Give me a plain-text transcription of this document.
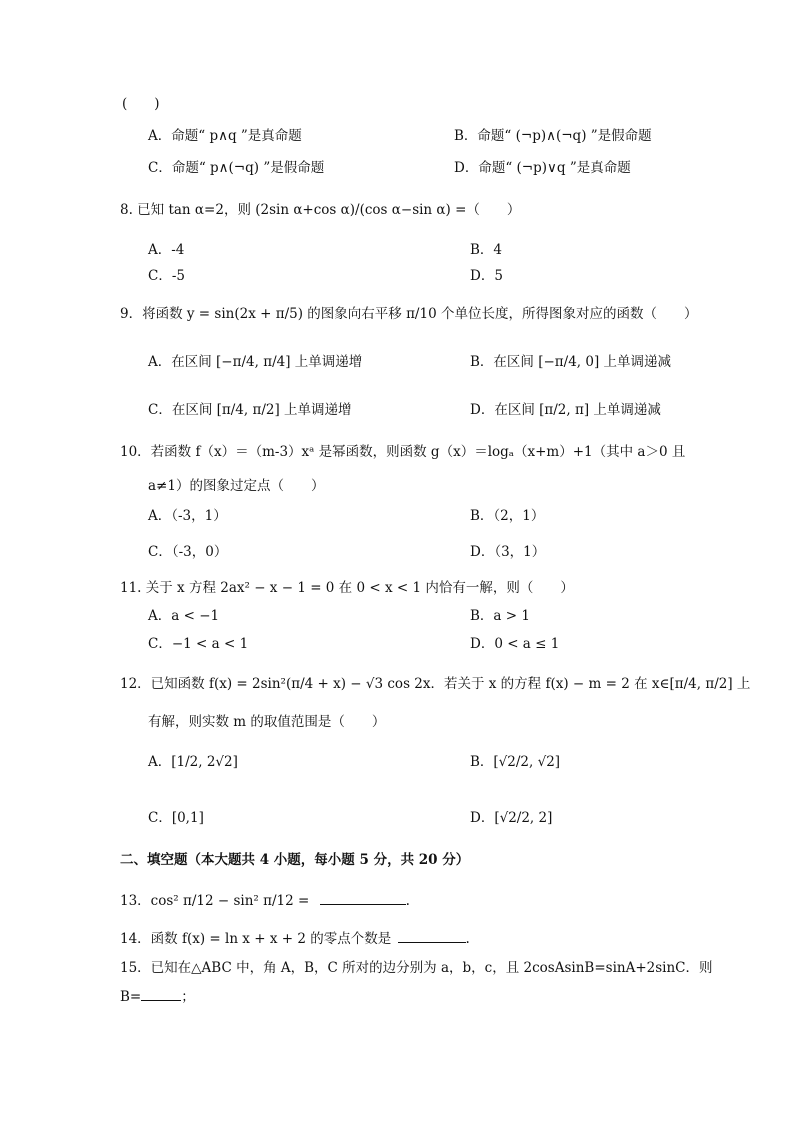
(　　)
A．命题“ p∧q ”是真命题	B．命题“ (¬p)∧(¬q) ”是假命题
C．命题“ p∧(¬q) ”是假命题	D．命题“ (¬p)∨q ”是真命题
8. 已知 tan α=2，则 (2sin α+cos α)/(cos α−sin α) =（　　）
A．-4	B．4
C．-5	D．5
9．将函数 y = sin(2x + π/5) 的图象向右平移 π/10 个单位长度，所得图象对应的函数（　　）
A．在区间 [−π/4, π/4] 上单调递增	B．在区间 [−π/4, 0] 上单调递减
C．在区间 [π/4, π/2] 上单调递增	D．在区间 [π/2, π] 上单调递减
10．若函数 f（x）＝（m-3）xᵃ 是幂函数，则函数 g（x）＝logₐ（x+m）+1（其中 a＞0 且
a≠1）的图象过定点（　　）
A．（-3，1）	B．（2，1）
C．（-3，0）	D．（3，1）
11. 关于 x 方程 2ax² − x − 1 = 0 在 0 < x < 1 内恰有一解，则（　　）
A．a < −1	B．a > 1
C．−1 < a < 1	D．0 < a ≤ 1
12．已知函数 f(x) = 2sin²(π/4 + x) − √3 cos 2x．若关于 x 的方程 f(x) − m = 2 在 x∈[π/4, π/2] 上
有解，则实数 m 的取值范围是（　　）
A．[1/2, 2√2]	B．[√2/2, √2]
C．[0,1]	D．[√2/2, 2]
二、填空题（本大题共 4 小题，每小题 5 分，共 20 分）
13．cos² π/12 − sin² π/12 =	.
14．函数 f(x) = ln x + x + 2 的零点个数是	.
15．已知在△ABC 中，角 A，B，C 所对的边分别为 a，b，c，且 2cosAsinB=sinA+2sinC．则
B=	；
